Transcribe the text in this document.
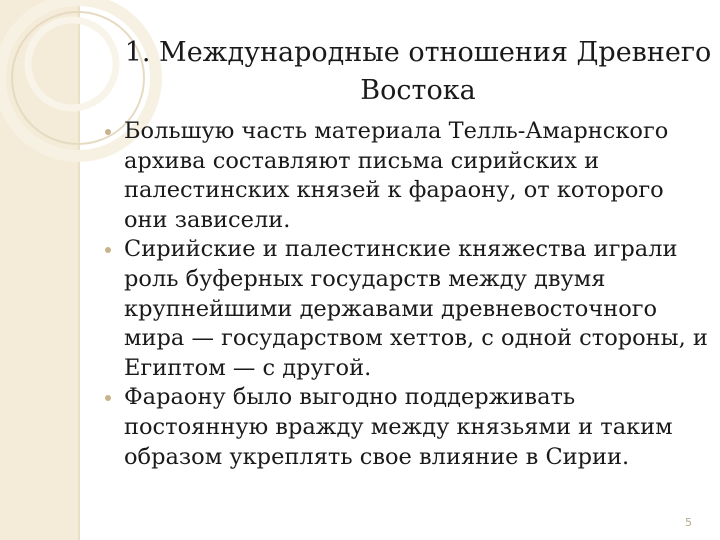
1. Международные отношения Древнего Востока
Большую часть материала Телль-Амарнского архива составляют письма сирийских и палестинских князей к фараону, от которого они зависели.
Сирийские и палестинские княжества играли роль буферных государств между двумя крупнейшими державами древневосточного мира — государством хеттов, с одной стороны, и Египтом — с другой.
Фараону было выгодно поддерживать постоянную вражду между князьями и таким образом укреплять свое влияние в Сирии.
5
